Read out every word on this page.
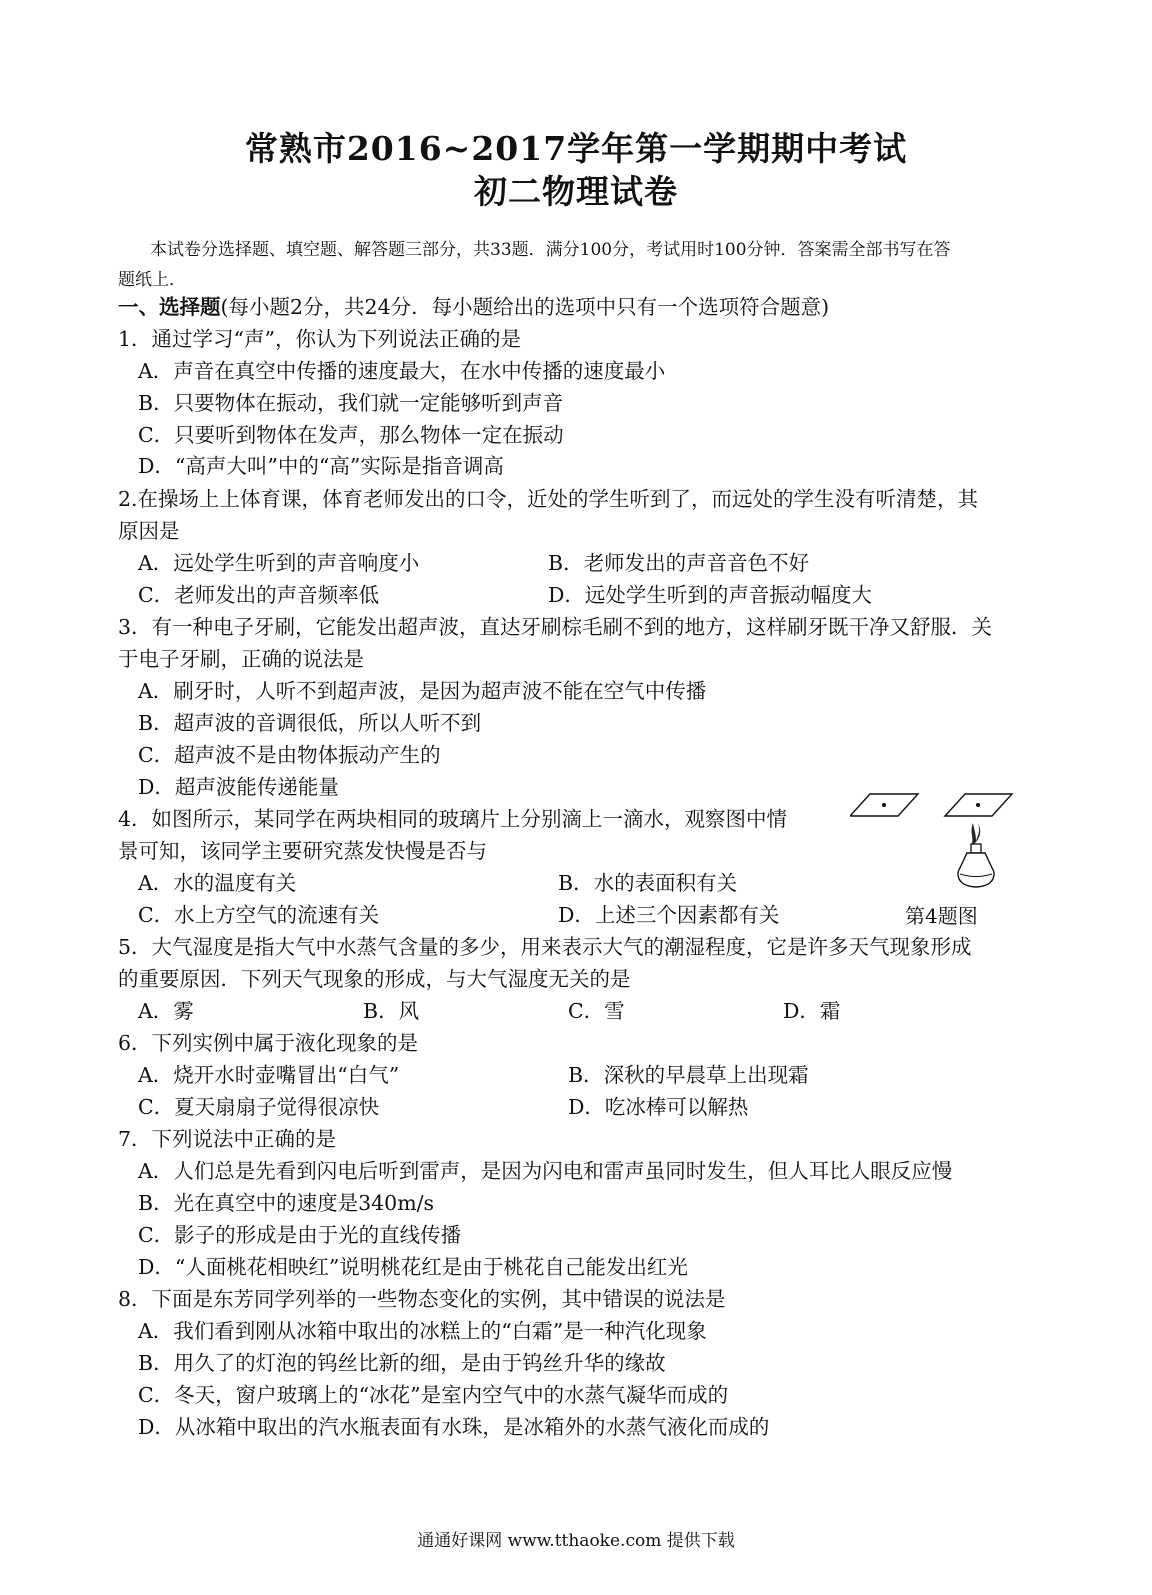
常熟市2016~2017学年第一学期期中考试
初二物理试卷
本试卷分选择题、填空题、解答题三部分，共33题．满分100分，考试用时100分钟．答案需全部书写在答
题纸上．
一、选择题(每小题2分，共24分．每小题给出的选项中只有一个选项符合题意)
1．通过学习“声”，你认为下列说法正确的是
A．声音在真空中传播的速度最大，在水中传播的速度最小
B．只要物体在振动，我们就一定能够听到声音
C．只要听到物体在发声，那么物体一定在振动
D．“高声大叫”中的“高”实际是指音调高
2.在操场上上体育课，体育老师发出的口令，近处的学生听到了，而远处的学生没有听清楚，其
原因是
A．远处学生听到的声音响度小	B．老师发出的声音音色不好
C．老师发出的声音频率低	D．远处学生听到的声音振动幅度大
3．有一种电子牙刷，它能发出超声波，直达牙刷棕毛刷不到的地方，这样刷牙既干净又舒服．关
于电子牙刷，正确的说法是
A．刷牙时，人听不到超声波，是因为超声波不能在空气中传播
B．超声波的音调很低，所以人听不到
C．超声波不是由物体振动产生的
D．超声波能传递能量
4．如图所示，某同学在两块相同的玻璃片上分别滴上一滴水，观察图中情
景可知，该同学主要研究蒸发快慢是否与
A．水的温度有关	B．水的表面积有关
C．水上方空气的流速有关	D．上述三个因素都有关	第4题图
5．大气湿度是指大气中水蒸气含量的多少，用来表示大气的潮湿程度，它是许多天气现象形成
的重要原因．下列天气现象的形成，与大气湿度无关的是
A．雾	B．风	C．雪	D．霜
6．下列实例中属于液化现象的是
A．烧开水时壶嘴冒出“白气”	B．深秋的早晨草上出现霜
C．夏天扇扇子觉得很凉快	D．吃冰棒可以解热
7．下列说法中正确的是
A．人们总是先看到闪电后听到雷声，是因为闪电和雷声虽同时发生，但人耳比人眼反应慢
B．光在真空中的速度是340m/s
C．影子的形成是由于光的直线传播
D．“人面桃花相映红”说明桃花红是由于桃花自己能发出红光
8．下面是东芳同学列举的一些物态变化的实例，其中错误的说法是
A．我们看到刚从冰箱中取出的冰糕上的“白霜”是一种汽化现象
B．用久了的灯泡的钨丝比新的细，是由于钨丝升华的缘故
C．冬天，窗户玻璃上的“冰花”是室内空气中的水蒸气凝华而成的
D．从冰箱中取出的汽水瓶表面有水珠，是冰箱外的水蒸气液化而成的
通通好课网 www.tthaoke.com 提供下载
